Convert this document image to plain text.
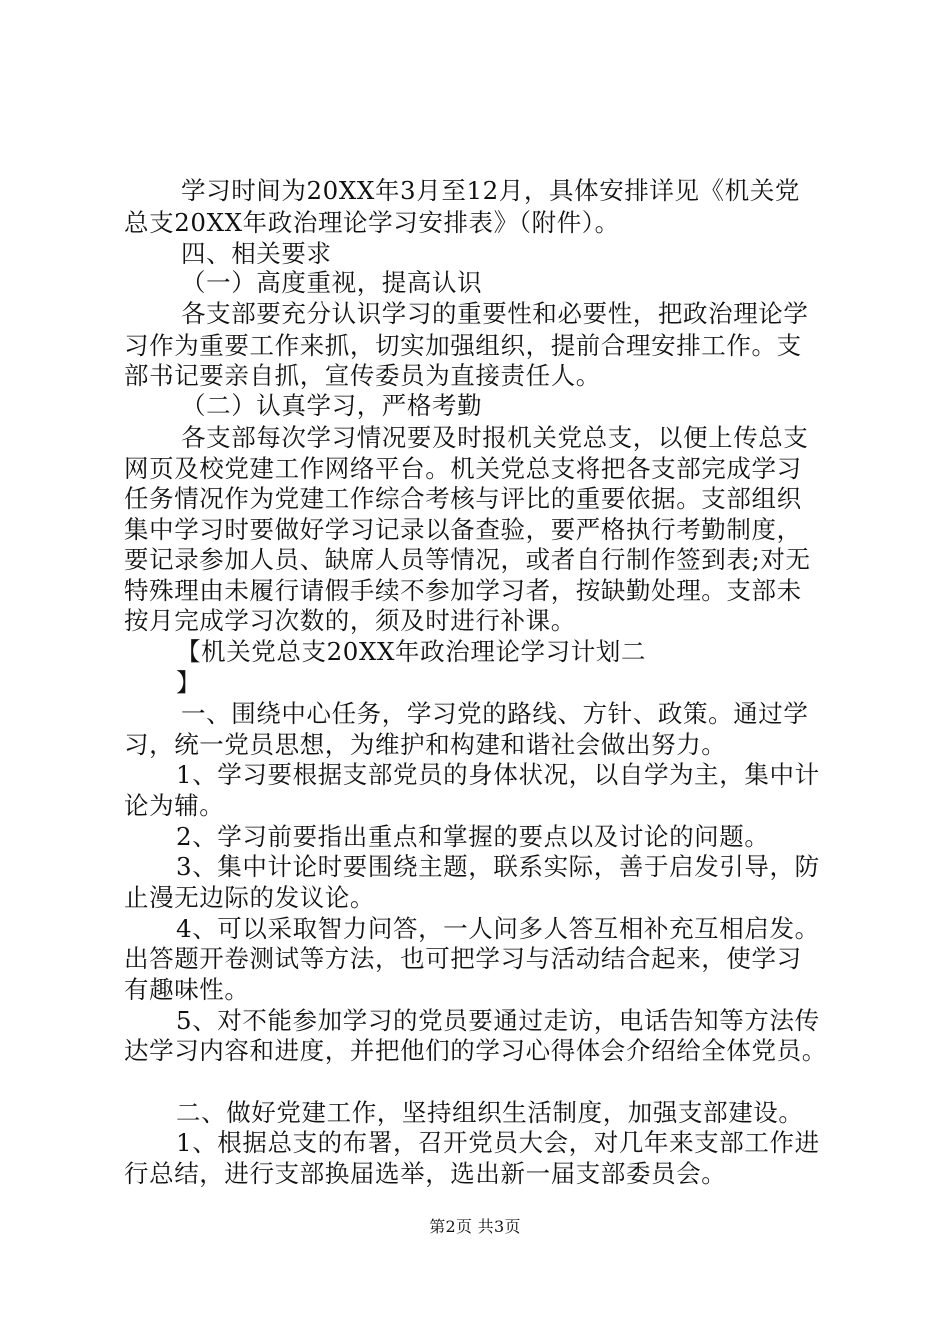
学习时间为20XX年3月至12月，具体安排详见《机关党
总支20XX年政治理论学习安排表》（附件）。
四、相关要求
（一）高度重视，提高认识
各支部要充分认识学习的重要性和必要性，把政治理论学
习作为重要工作来抓，切实加强组织，提前合理安排工作。支
部书记要亲自抓，宣传委员为直接责任人。
（二）认真学习，严格考勤
各支部每次学习情况要及时报机关党总支，以便上传总支
网页及校党建工作网络平台。机关党总支将把各支部完成学习
任务情况作为党建工作综合考核与评比的重要依据。支部组织
集中学习时要做好学习记录以备查验，要严格执行考勤制度，
要记录参加人员、缺席人员等情况，或者自行制作签到表;对无
特殊理由未履行请假手续不参加学习者，按缺勤处理。支部未
按月完成学习次数的，须及时进行补课。
【机关党总支20XX年政治理论学习计划二
】
一、围绕中心任务，学习党的路线、方针、政策。通过学
习，统一党员思想，为维护和构建和谐社会做出努力。
1、学习要根据支部党员的身体状况，以自学为主，集中计
论为辅。
2、学习前要指出重点和掌握的要点以及讨论的问题。
3、集中计论时要围绕主题，联系实际，善于启发引导，防
止漫无边际的发议论。
4、可以采取智力问答，一人问多人答互相补充互相启发。
出答题开卷测试等方法，也可把学习与活动结合起来，使学习
有趣味性。
5、对不能参加学习的党员要通过走访，电话告知等方法传
达学习内容和进度，并把他们的学习心得体会介绍给全体党员。
二、做好党建工作，坚持组织生活制度，加强支部建设。
1、根据总支的布署，召开党员大会，对几年来支部工作进
行总结，进行支部换届选举，选出新一届支部委员会。
第2页 共3页
